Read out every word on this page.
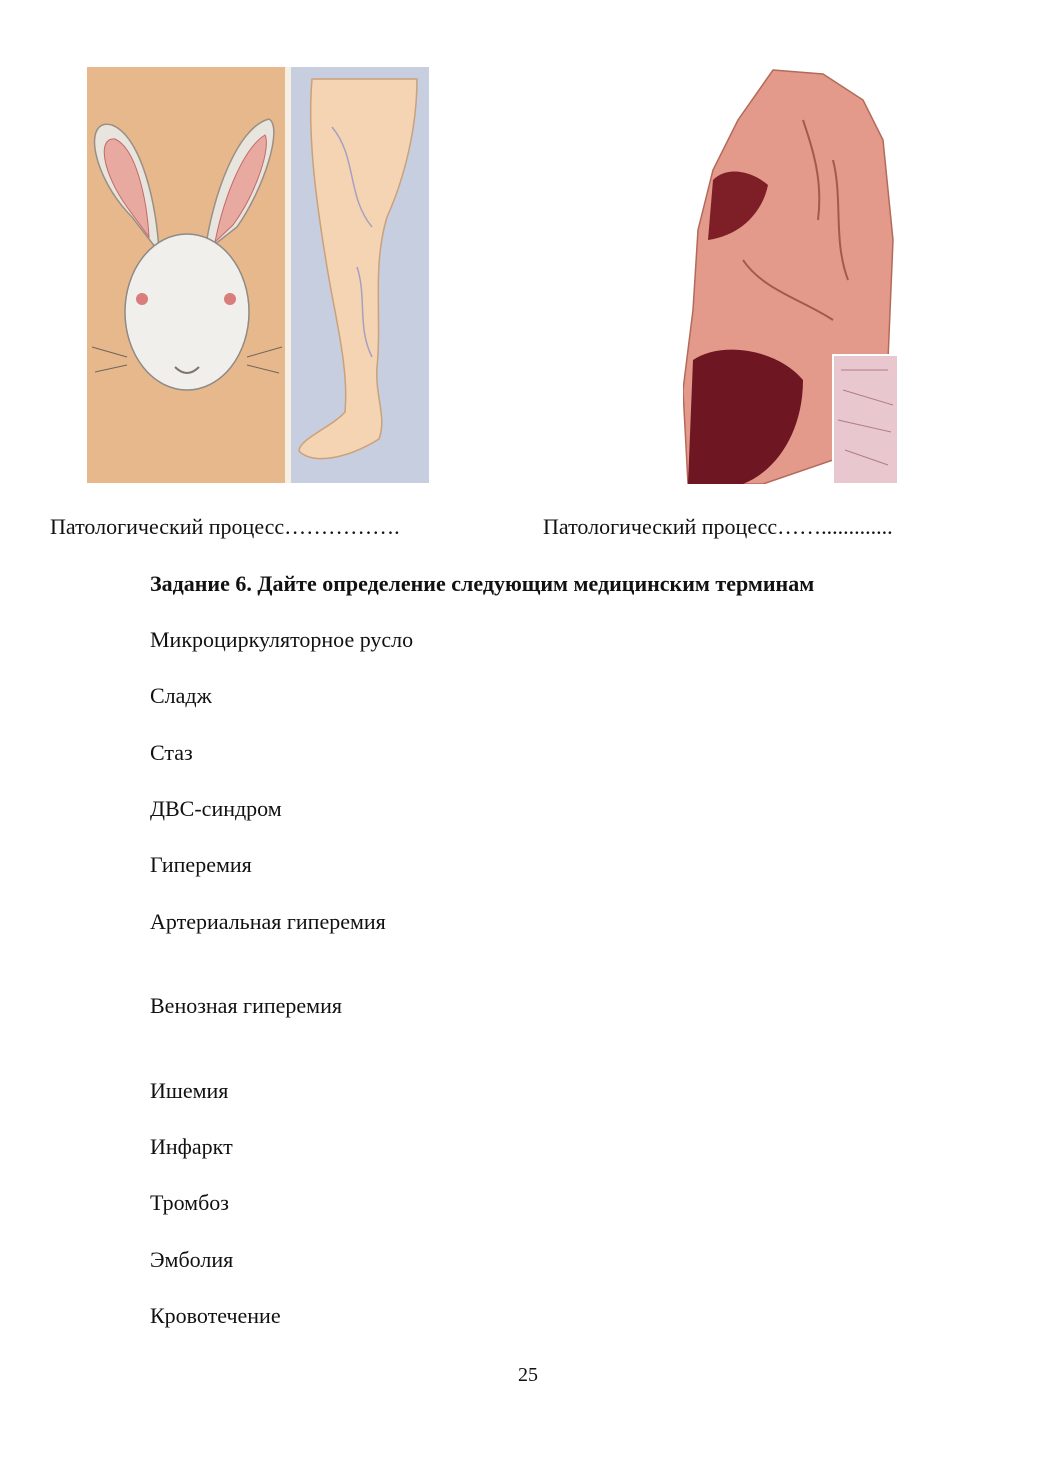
Патологический процесс…………….	Патологический процесс…….............
Задание 6. Дайте определение следующим медицинским терминам
Микроциркуляторное русло
Сладж
Стаз
ДВС-синдром
Гиперемия
Артериальная гиперемия
Венозная гиперемия
Ишемия
Инфаркт
Тромбоз
Эмболия
Кровотечение
25
